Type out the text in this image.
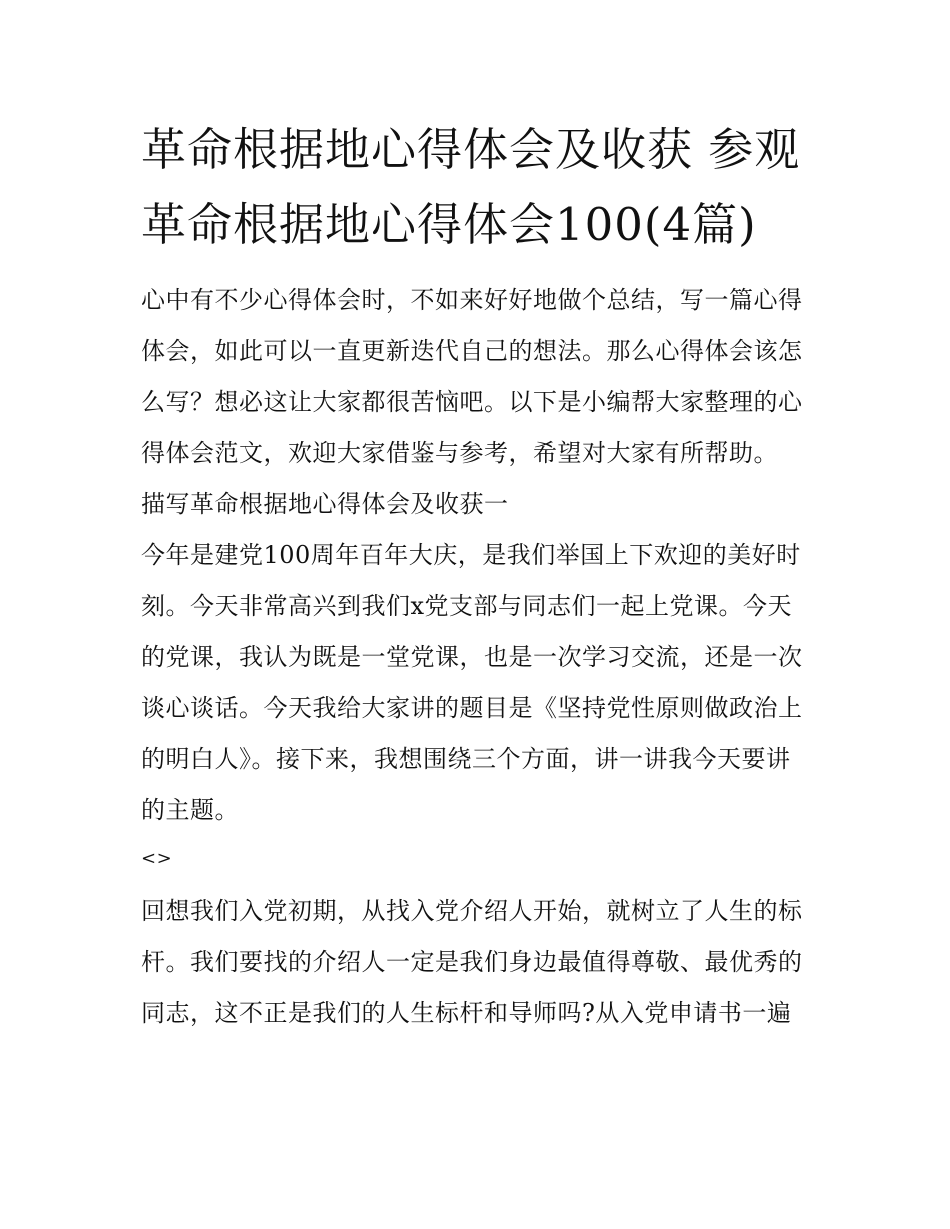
革命根据地心得体会及收获 参观革命根据地心得体会100(4篇)

心中有不少心得体会时，不如来好好地做个总结，写一篇心得体会，如此可以一直更新迭代自己的想法。那么心得体会该怎么写？想必这让大家都很苦恼吧。以下是小编帮大家整理的心得体会范文，欢迎大家借鉴与参考，希望对大家有所帮助。

描写革命根据地心得体会及收获一

今年是建党100周年百年大庆，是我们举国上下欢迎的美好时刻。今天非常高兴到我们x党支部与同志们一起上党课。今天的党课，我认为既是一堂党课，也是一次学习交流，还是一次谈心谈话。今天我给大家讲的题目是《坚持党性原则做政治上的明白人》。接下来，我想围绕三个方面，讲一讲我今天要讲的主题。

<>

回想我们入党初期，从找入党介绍人开始，就树立了人生的标杆。我们要找的介绍人一定是我们身边最值得尊敬、最优秀的同志，这不正是我们的人生标杆和导师吗?从入党申请书一遍
